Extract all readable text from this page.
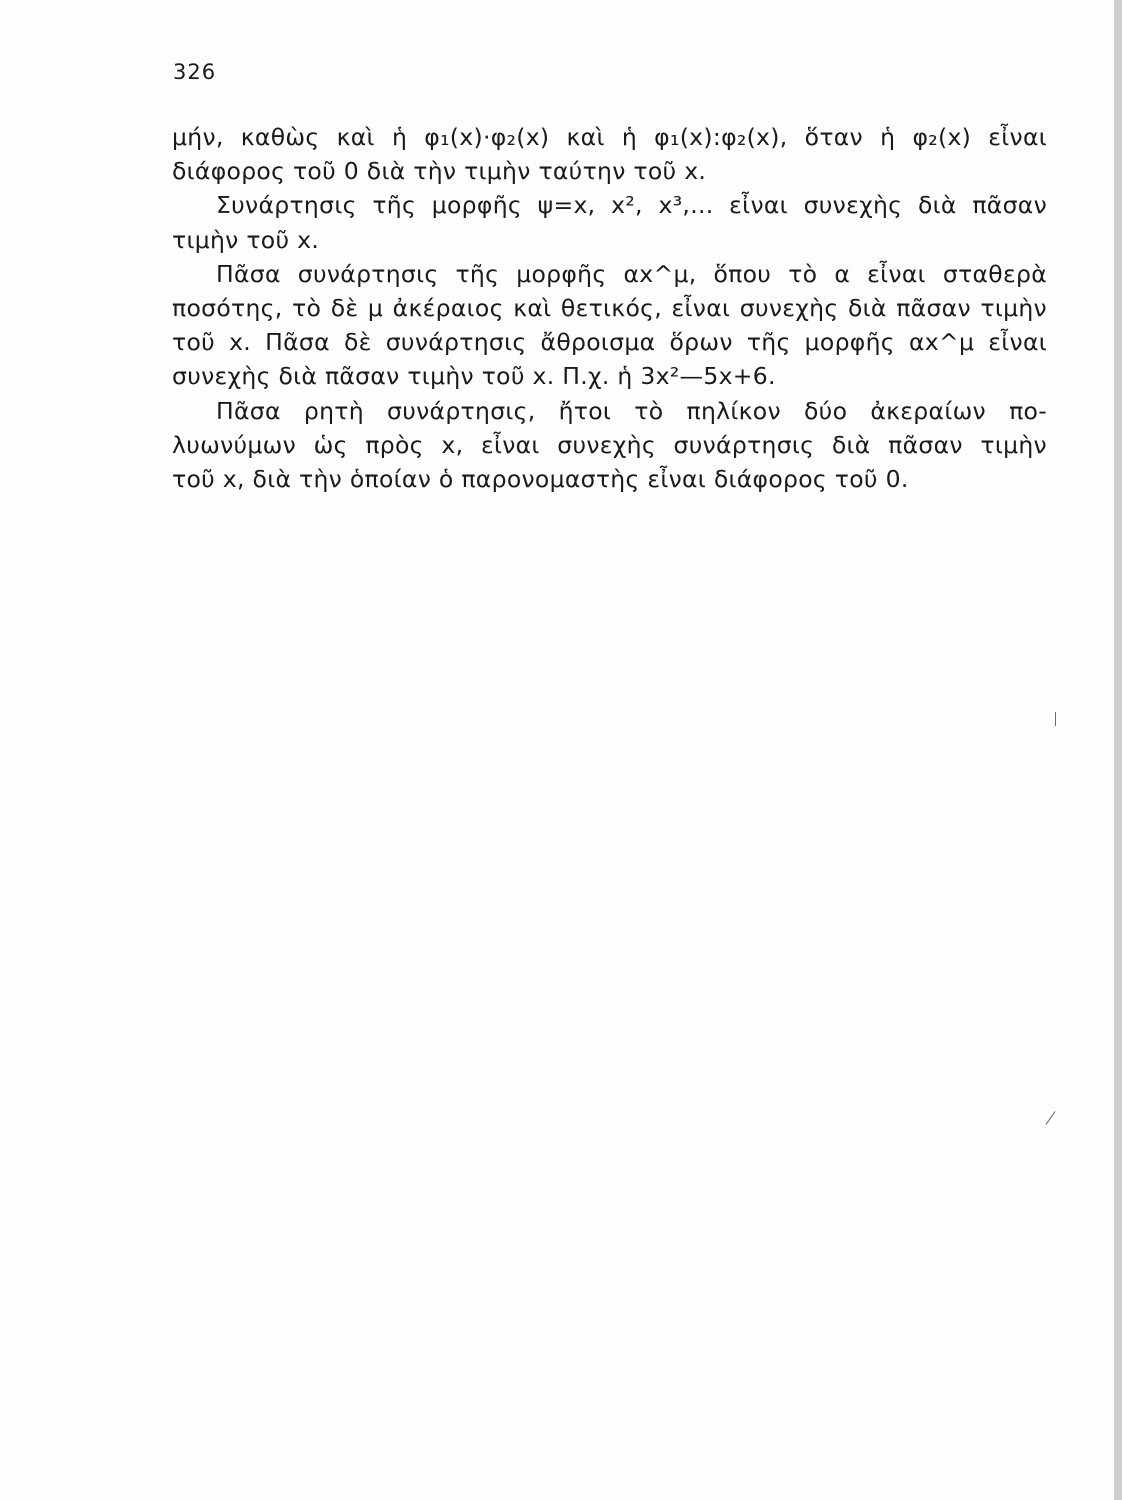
326
μήν, καθὼς καὶ ἡ φ₁(x)·φ₂(x) καὶ ἡ φ₁(x):φ₂(x), ὅταν ἡ φ₂(x) εἶναι
διάφορος τοῦ 0 διὰ τὴν τιμὴν ταύτην τοῦ x.
Συνάρτησις τῆς μορφῆς ψ=x, x², x³,... εἶναι συνεχὴς διὰ πᾶσαν
τιμὴν τοῦ x.
Πᾶσα συνάρτησις τῆς μορφῆς αx^μ, ὅπου τὸ α εἶναι σταθερὰ
ποσότης, τὸ δὲ μ ἀκέραιος καὶ θετικός, εἶναι συνεχὴς διὰ πᾶσαν τιμὴν
τοῦ x. Πᾶσα δὲ συνάρτησις ἄθροισμα ὅρων τῆς μορφῆς αx^μ εἶναι
συνεχὴς διὰ πᾶσαν τιμὴν τοῦ x. Π.χ. ἡ 3x²—5x+6.
Πᾶσα ρητὴ συνάρτησις, ἤτοι τὸ πηλίκον δύο ἀκεραίων πο-
λυωνύμων ὡς πρὸς x, εἶναι συνεχὴς συνάρτησις διὰ πᾶσαν τιμὴν
τοῦ x, διὰ τὴν ὁποίαν ὁ παρονομαστὴς εἶναι διάφορος τοῦ 0.
